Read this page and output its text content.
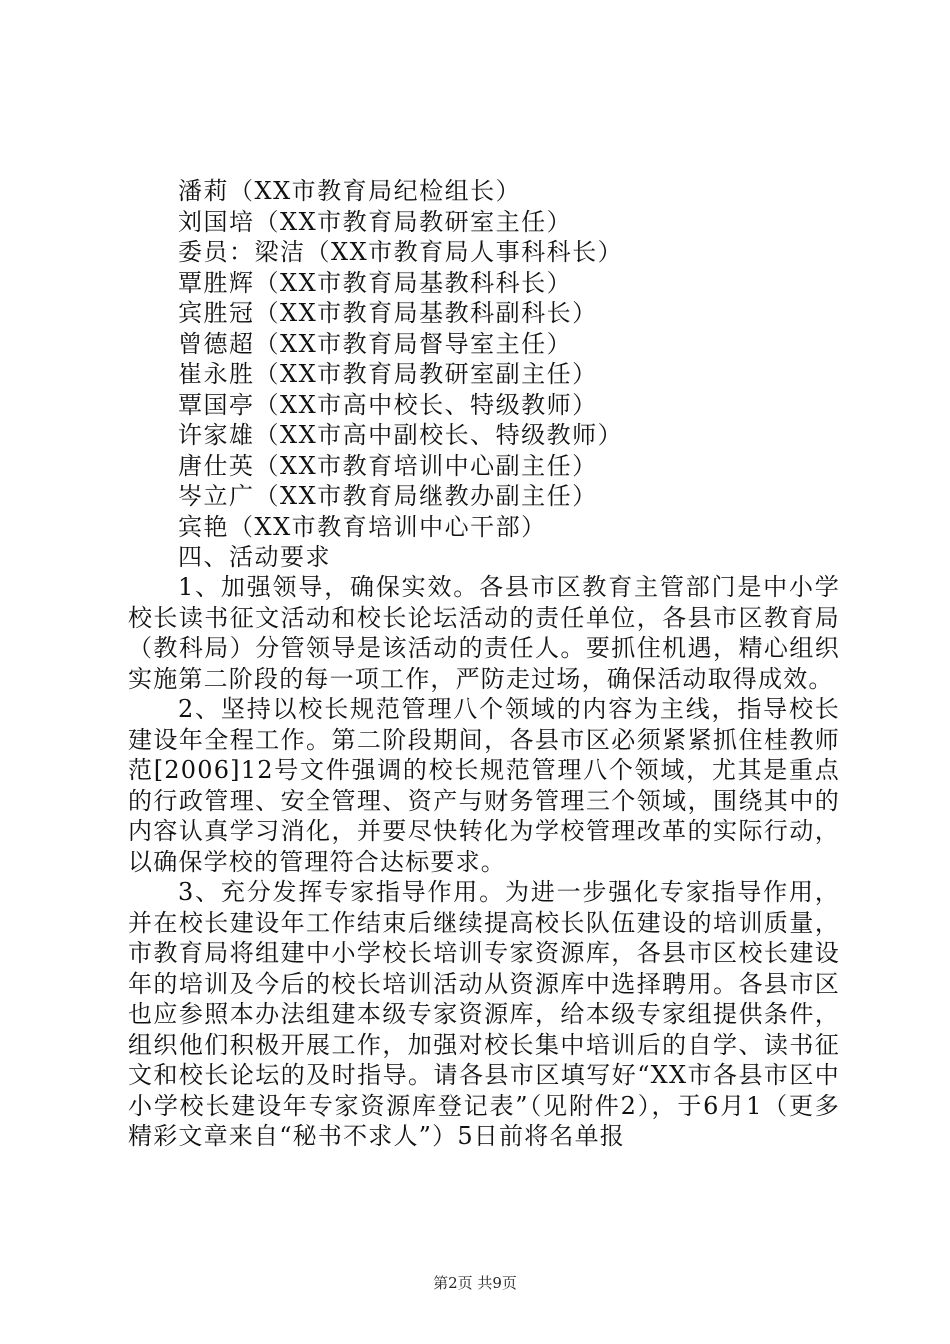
潘莉（XX市教育局纪检组长）
刘国培（XX市教育局教研室主任）
委员：梁洁（XX市教育局人事科科长）
覃胜辉（XX市教育局基教科科长）
宾胜冠（XX市教育局基教科副科长）
曾德超（XX市教育局督导室主任）
崔永胜（XX市教育局教研室副主任）
覃国亭（XX市高中校长、特级教师）
许家雄（XX市高中副校长、特级教师）
唐仕英（XX市教育培训中心副主任）
岑立广（XX市教育局继教办副主任）
宾艳（XX市教育培训中心干部）
四、活动要求

1、加强领导，确保实效。各县市区教育主管部门是中小学校长读书征文活动和校长论坛活动的责任单位，各县市区教育局（教科局）分管领导是该活动的责任人。要抓住机遇，精心组织实施第二阶段的每一项工作，严防走过场，确保活动取得成效。

2、坚持以校长规范管理八个领域的内容为主线，指导校长建设年全程工作。第二阶段期间，各县市区必须紧紧抓住桂教师范[2006]12号文件强调的校长规范管理八个领域，尤其是重点的行政管理、安全管理、资产与财务管理三个领域，围绕其中的内容认真学习消化，并要尽快转化为学校管理改革的实际行动，以确保学校的管理符合达标要求。

3、充分发挥专家指导作用。为进一步强化专家指导作用，并在校长建设年工作结束后继续提高校长队伍建设的培训质量，市教育局将组建中小学校长培训专家资源库，各县市区校长建设年的培训及今后的校长培训活动从资源库中选择聘用。各县市区也应参照本办法组建本级专家资源库，给本级专家组提供条件，组织他们积极开展工作，加强对校长集中培训后的自学、读书征文和校长论坛的及时指导。请各县市区填写好“XX市各县市区中小学校长建设年专家资源库登记表”（见附件2），于6月1（更多精彩文章来自“秘书不求人”）5日前将名单报

第2页 共9页
